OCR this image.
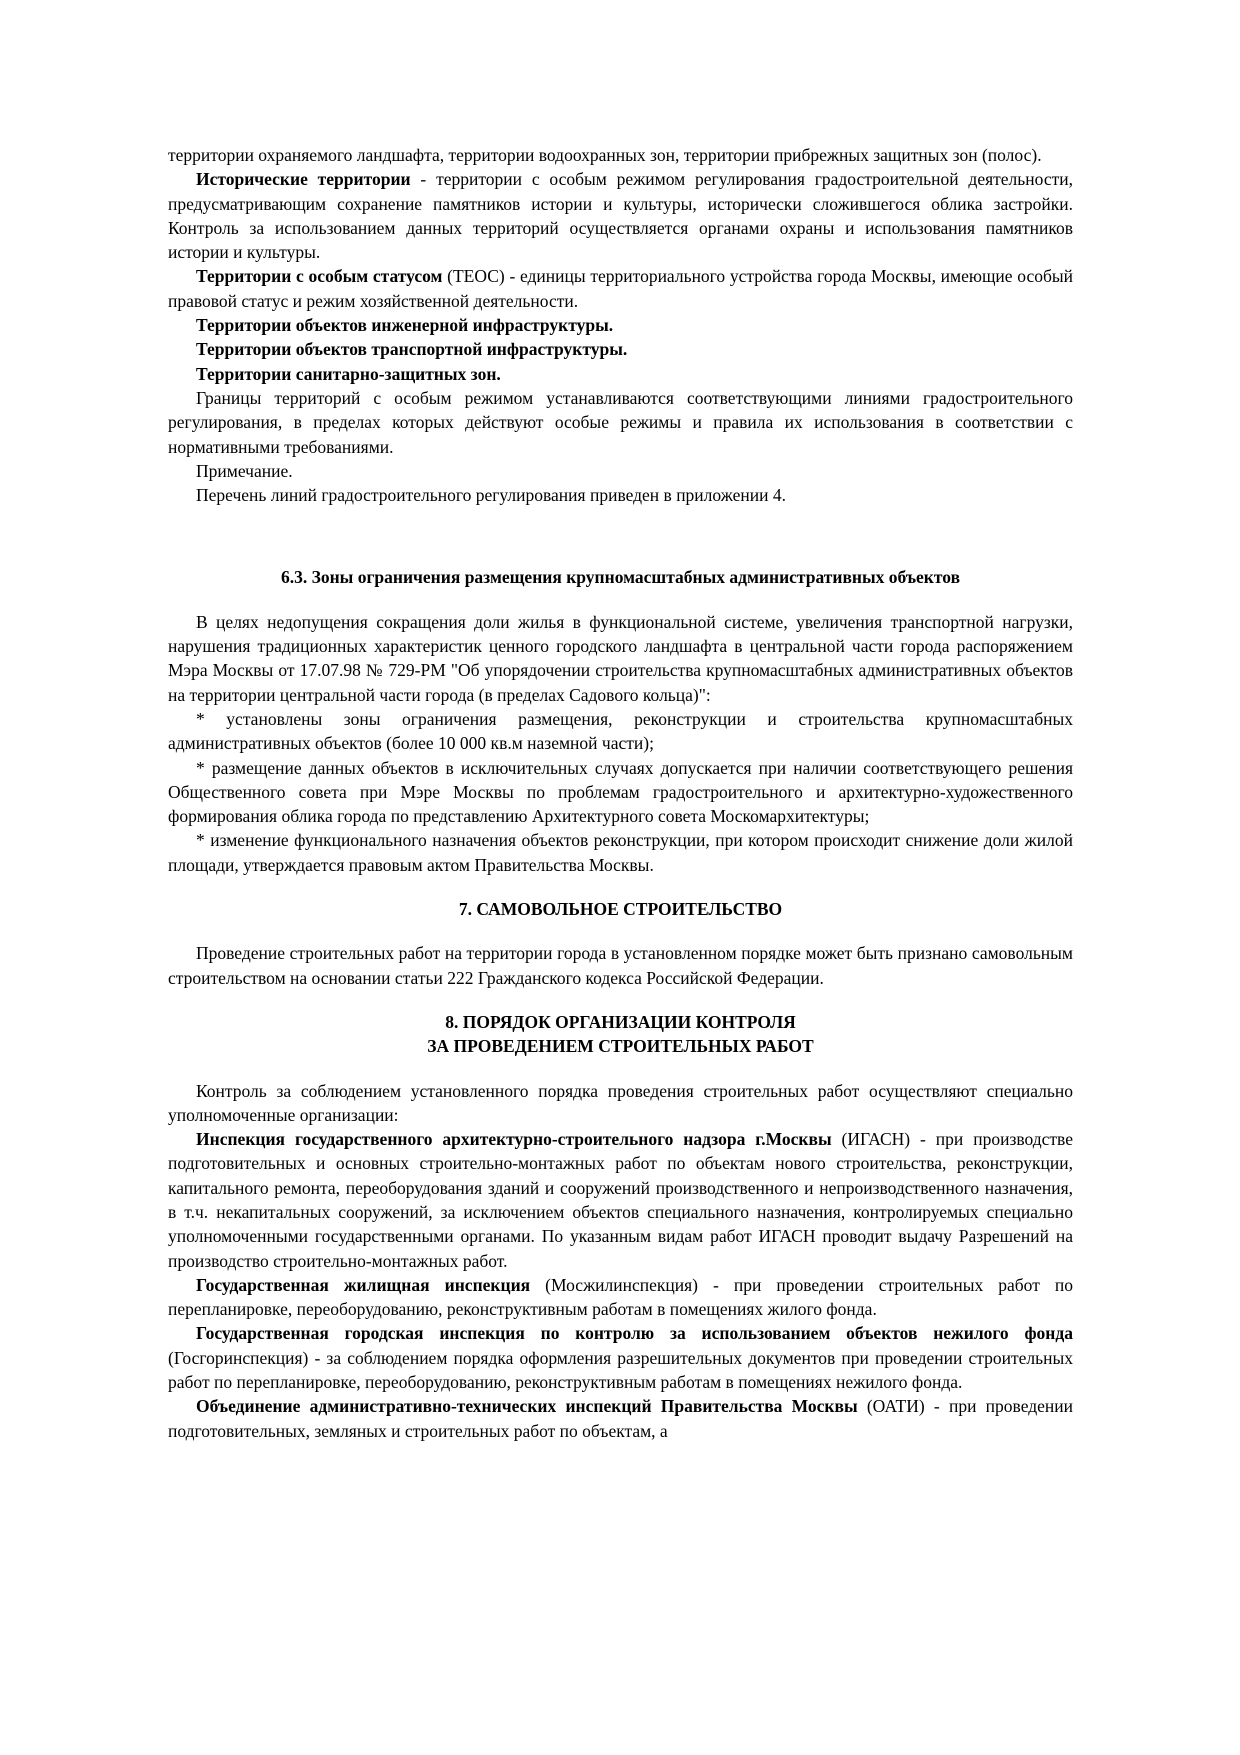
территории охраняемого ландшафта, территории водоохранных зон, территории прибрежных защитных зон (полос).

Исторические территории - территории с особым режимом регулирования градостроительной деятельности, предусматривающим сохранение памятников истории и культуры, исторически сложившегося облика застройки. Контроль за использованием данных территорий осуществляется органами охраны и использования памятников истории и культуры.

Территории с особым статусом (ТЕОС) - единицы территориального устройства города Москвы, имеющие особый правовой статус и режим хозяйственной деятельности.

Территории объектов инженерной инфраструктуры.

Территории объектов транспортной инфраструктуры.

Территории санитарно-защитных зон.

Границы территорий с особым режимом устанавливаются соответствующими линиями градостроительного регулирования, в пределах которых действуют особые режимы и правила их использования в соответствии с нормативными требованиями.

Примечание.

Перечень линий градостроительного регулирования приведен в приложении 4.

6.3. Зоны ограничения размещения крупномасштабных административных объектов

В целях недопущения сокращения доли жилья в функциональной системе, увеличения транспортной нагрузки, нарушения традиционных характеристик ценного городского ландшафта в центральной части города распоряжением Мэра Москвы от 17.07.98 № 729-РМ "Об упорядочении строительства крупномасштабных административных объектов на территории центральной части города (в пределах Садового кольца)":

* установлены зоны ограничения размещения, реконструкции и строительства крупномасштабных административных объектов (более 10 000 кв.м наземной части);

* размещение данных объектов в исключительных случаях допускается при наличии соответствующего решения Общественного совета при Мэре Москвы по проблемам градостроительного и архитектурно-художественного формирования облика города по представлению Архитектурного совета Москомархитектуры;

* изменение функционального назначения объектов реконструкции, при котором происходит снижение доли жилой площади, утверждается правовым актом Правительства Москвы.

7. САМОВОЛЬНОЕ СТРОИТЕЛЬСТВО

Проведение строительных работ на территории города в установленном порядке может быть признано самовольным строительством на основании статьи 222 Гражданского кодекса Российской Федерации.

8. ПОРЯДОК ОРГАНИЗАЦИИ КОНТРОЛЯ

ЗА ПРОВЕДЕНИЕМ СТРОИТЕЛЬНЫХ РАБОТ

Контроль за соблюдением установленного порядка проведения строительных работ осуществляют специально уполномоченные организации:

Инспекция государственного архитектурно-строительного надзора г.Москвы (ИГАСН) - при производстве подготовительных и основных строительно-монтажных работ по объектам нового строительства, реконструкции, капитального ремонта, переоборудования зданий и сооружений производственного и непроизводственного назначения, в т.ч. некапитальных сооружений, за исключением объектов специального назначения, контролируемых специально уполномоченными государственными органами. По указанным видам работ ИГАСН проводит выдачу Разрешений на производство строительно-монтажных работ.

Государственная жилищная инспекция (Мосжилинспекция) - при проведении строительных работ по перепланировке, переоборудованию, реконструктивным работам в помещениях жилого фонда.

Государственная городская инспекция по контролю за использованием объектов нежилого фонда (Госгоринспекция) - за соблюдением порядка оформления разрешительных документов при проведении строительных работ по перепланировке, переоборудованию, реконструктивным работам в помещениях нежилого фонда.

Объединение административно-технических инспекций Правительства Москвы (ОАТИ) - при проведении подготовительных, земляных и строительных работ по объектам, а
